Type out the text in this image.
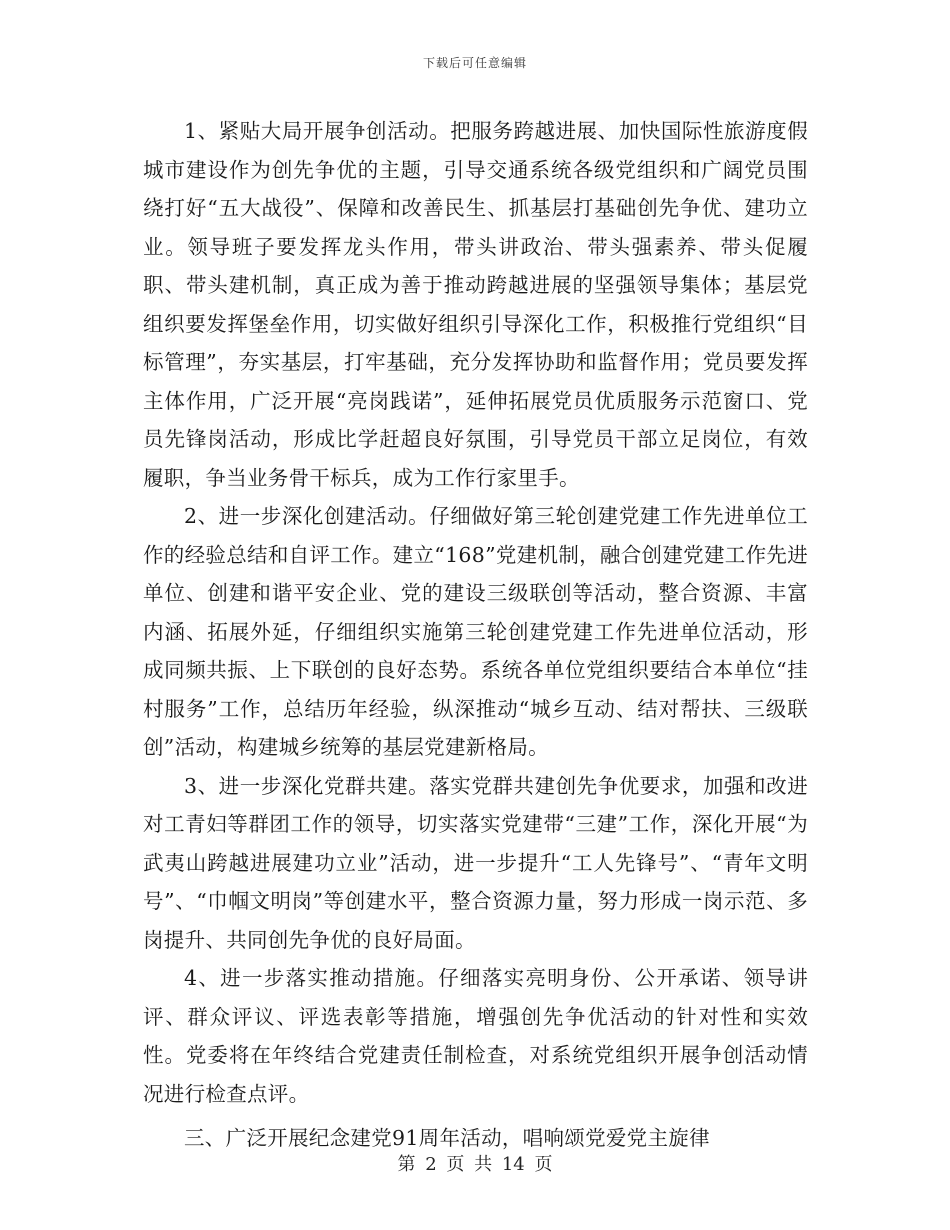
下载后可任意编辑

1、紧贴大局开展争创活动。把服务跨越进展、加快国际性旅游度假城市建设作为创先争优的主题，引导交通系统各级党组织和广阔党员围绕打好“五大战役”、保障和改善民生、抓基层打基础创先争优、建功立业。领导班子要发挥龙头作用，带头讲政治、带头强素养、带头促履职、带头建机制，真正成为善于推动跨越进展的坚强领导集体；基层党组织要发挥堡垒作用，切实做好组织引导深化工作，积极推行党组织“目标管理”，夯实基层，打牢基础，充分发挥协助和监督作用；党员要发挥主体作用，广泛开展“亮岗践诺”，延伸拓展党员优质服务示范窗口、党员先锋岗活动，形成比学赶超良好氛围，引导党员干部立足岗位，有效履职，争当业务骨干标兵，成为工作行家里手。

2、进一步深化创建活动。仔细做好第三轮创建党建工作先进单位工作的经验总结和自评工作。建立“168”党建机制，融合创建党建工作先进单位、创建和谐平安企业、党的建设三级联创等活动，整合资源、丰富内涵、拓展外延，仔细组织实施第三轮创建党建工作先进单位活动，形成同频共振、上下联创的良好态势。系统各单位党组织要结合本单位“挂村服务”工作，总结历年经验，纵深推动“城乡互动、结对帮扶、三级联创”活动，构建城乡统筹的基层党建新格局。

3、进一步深化党群共建。落实党群共建创先争优要求，加强和改进对工青妇等群团工作的领导，切实落实党建带“三建”工作，深化开展“为武夷山跨越进展建功立业”活动，进一步提升“工人先锋号”、“青年文明号”、“巾帼文明岗”等创建水平，整合资源力量，努力形成一岗示范、多岗提升、共同创先争优的良好局面。

4、进一步落实推动措施。仔细落实亮明身份、公开承诺、领导讲评、群众评议、评选表彰等措施，增强创先争优活动的针对性和实效性。党委将在年终结合党建责任制检查，对系统党组织开展争创活动情况进行检查点评。

三、广泛开展纪念建党91周年活动，唱响颂党爱党主旋律

第 2 页 共 14 页
